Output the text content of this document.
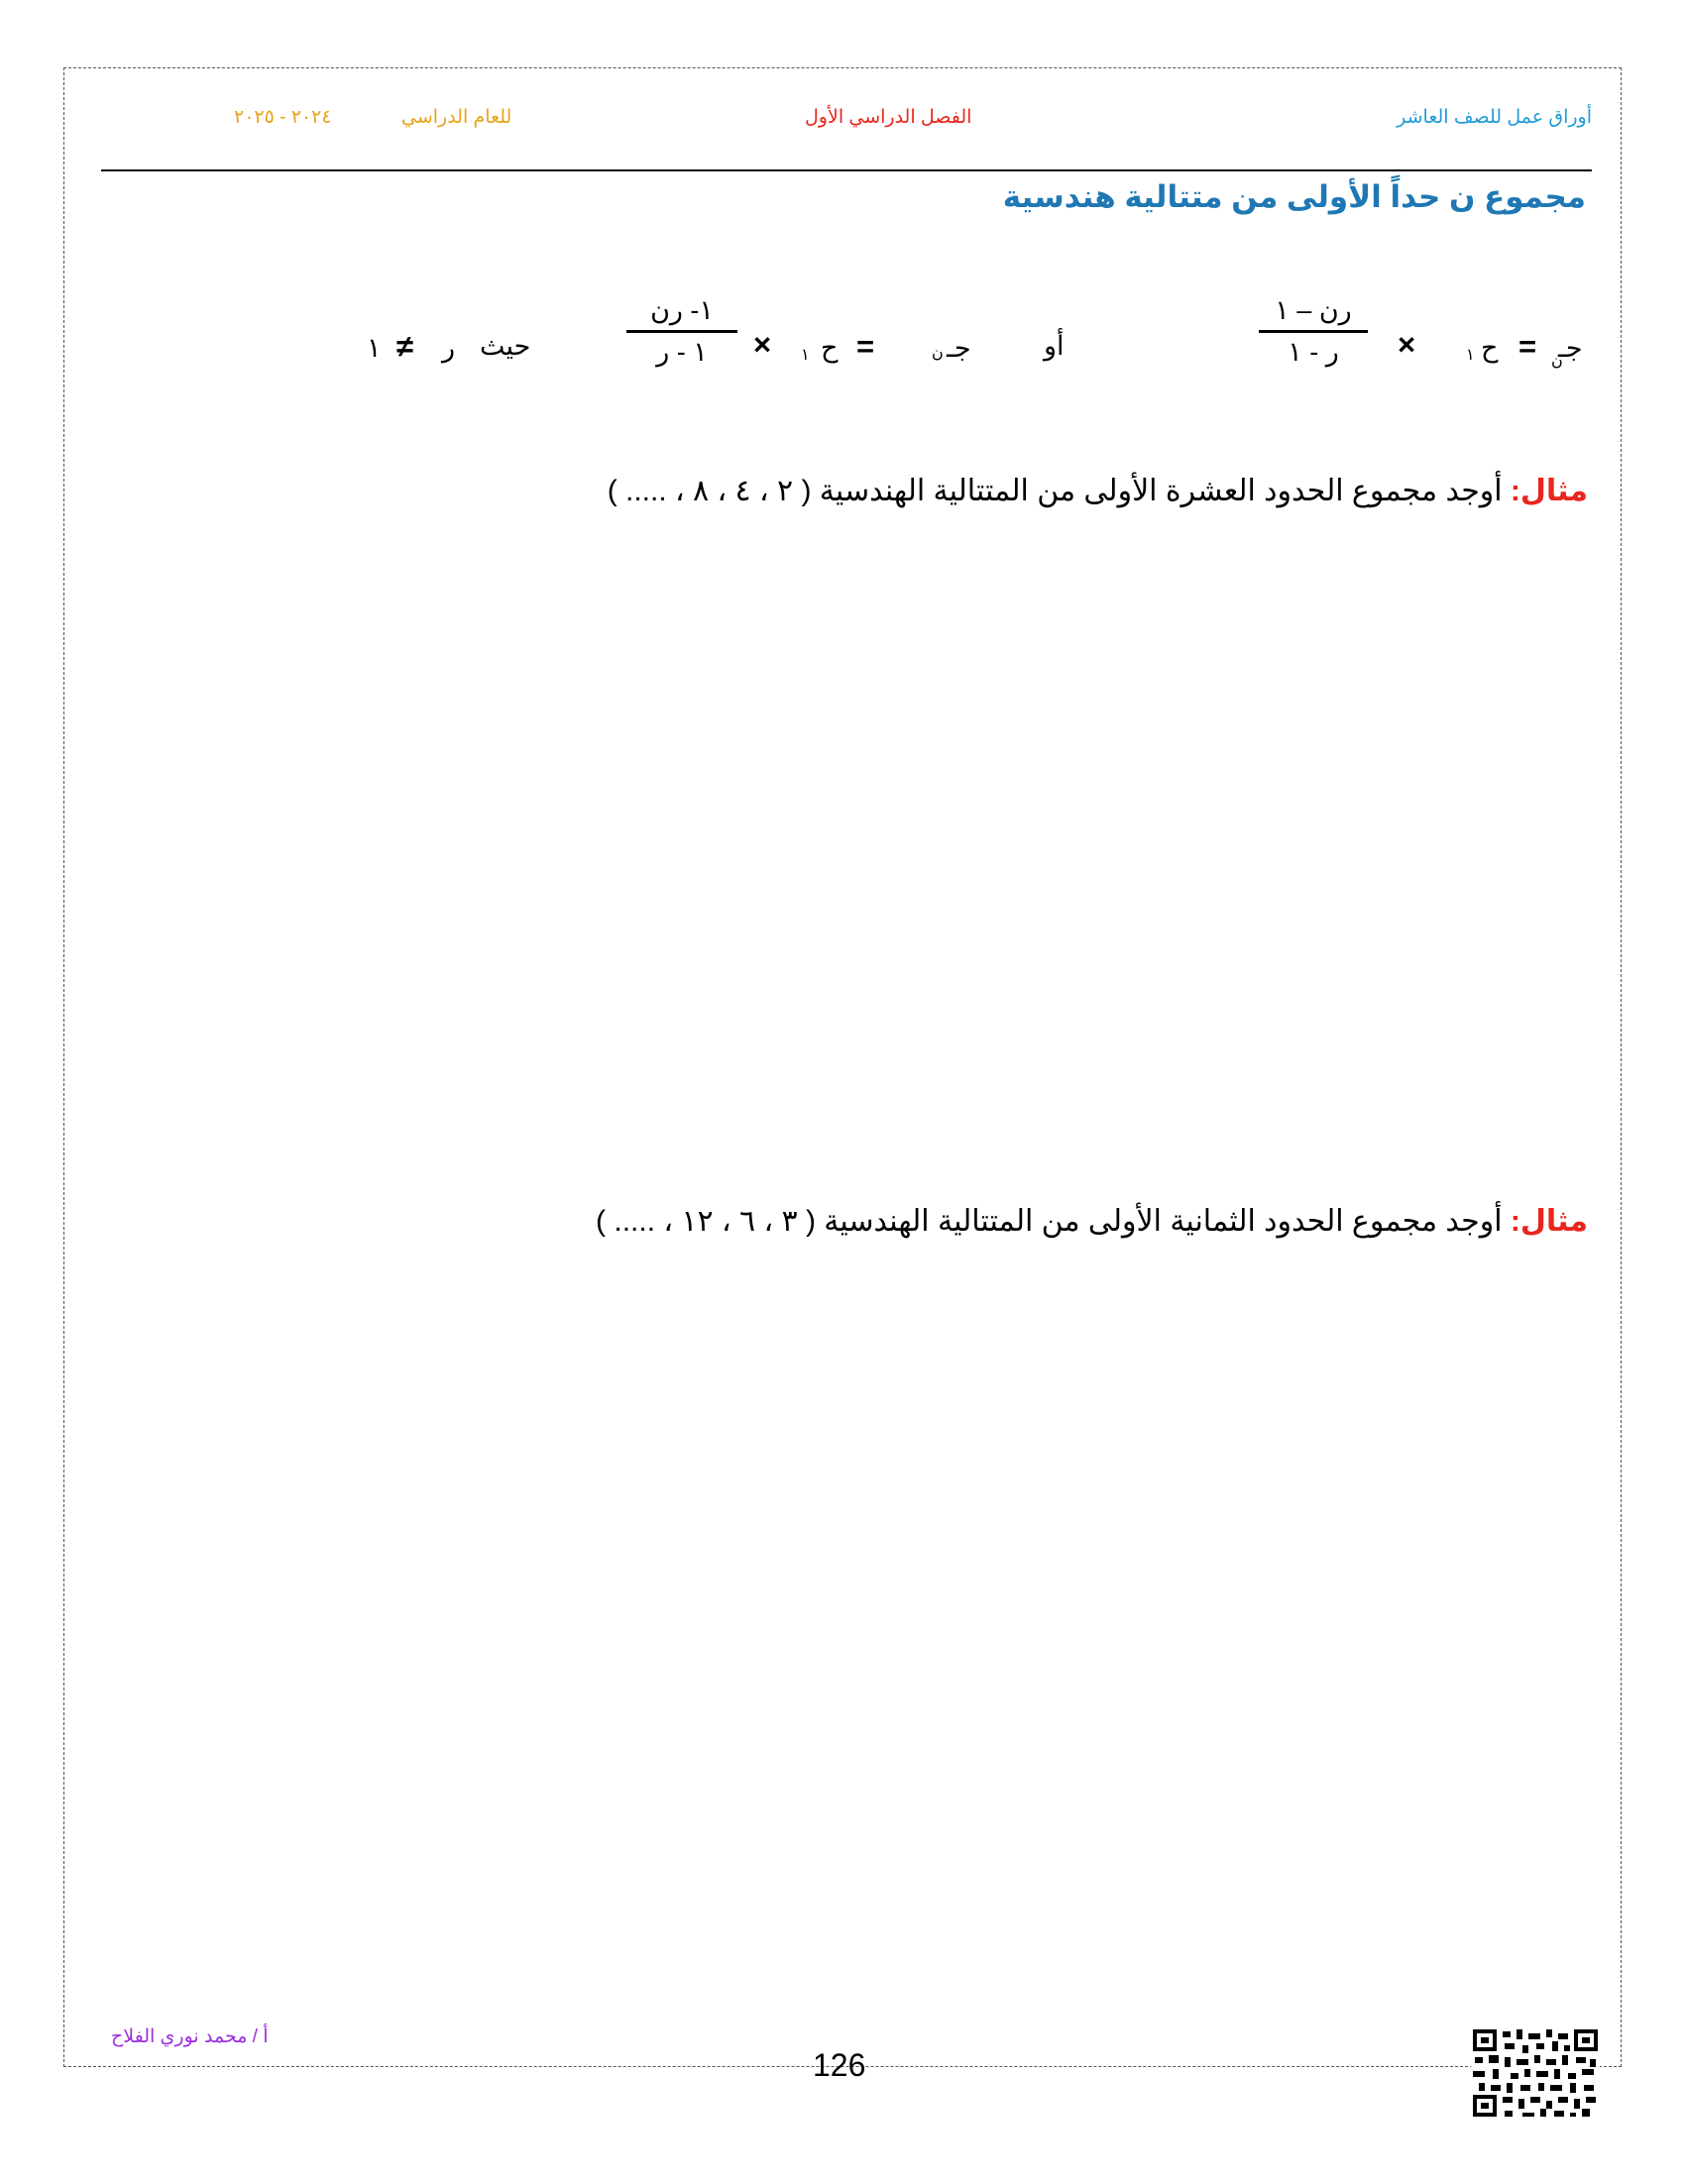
أوراق عمل للصف العاشر
الفصل الدراسي الأول
للعام الدراسي
٢٠٢٤ - ٢٠٢٥
مجموع ن حداً الأولى من متتالية هندسية
جـ
ن
=
ح
١
×
رن – ١
ر - ١
أو
جـ
ن
=
ح
١
×
١- رن
١ - ر
حيث
ر
≠
١
مثال: أوجد مجموع الحدود العشرة الأولى من المتتالية الهندسية ( ٢ ، ٤ ، ٨ ، ..... )
مثال: أوجد مجموع الحدود الثمانية الأولى من المتتالية الهندسية ( ٣ ، ٦ ، ١٢ ، ..... )
أ / محمد نوري الفلاح
126
